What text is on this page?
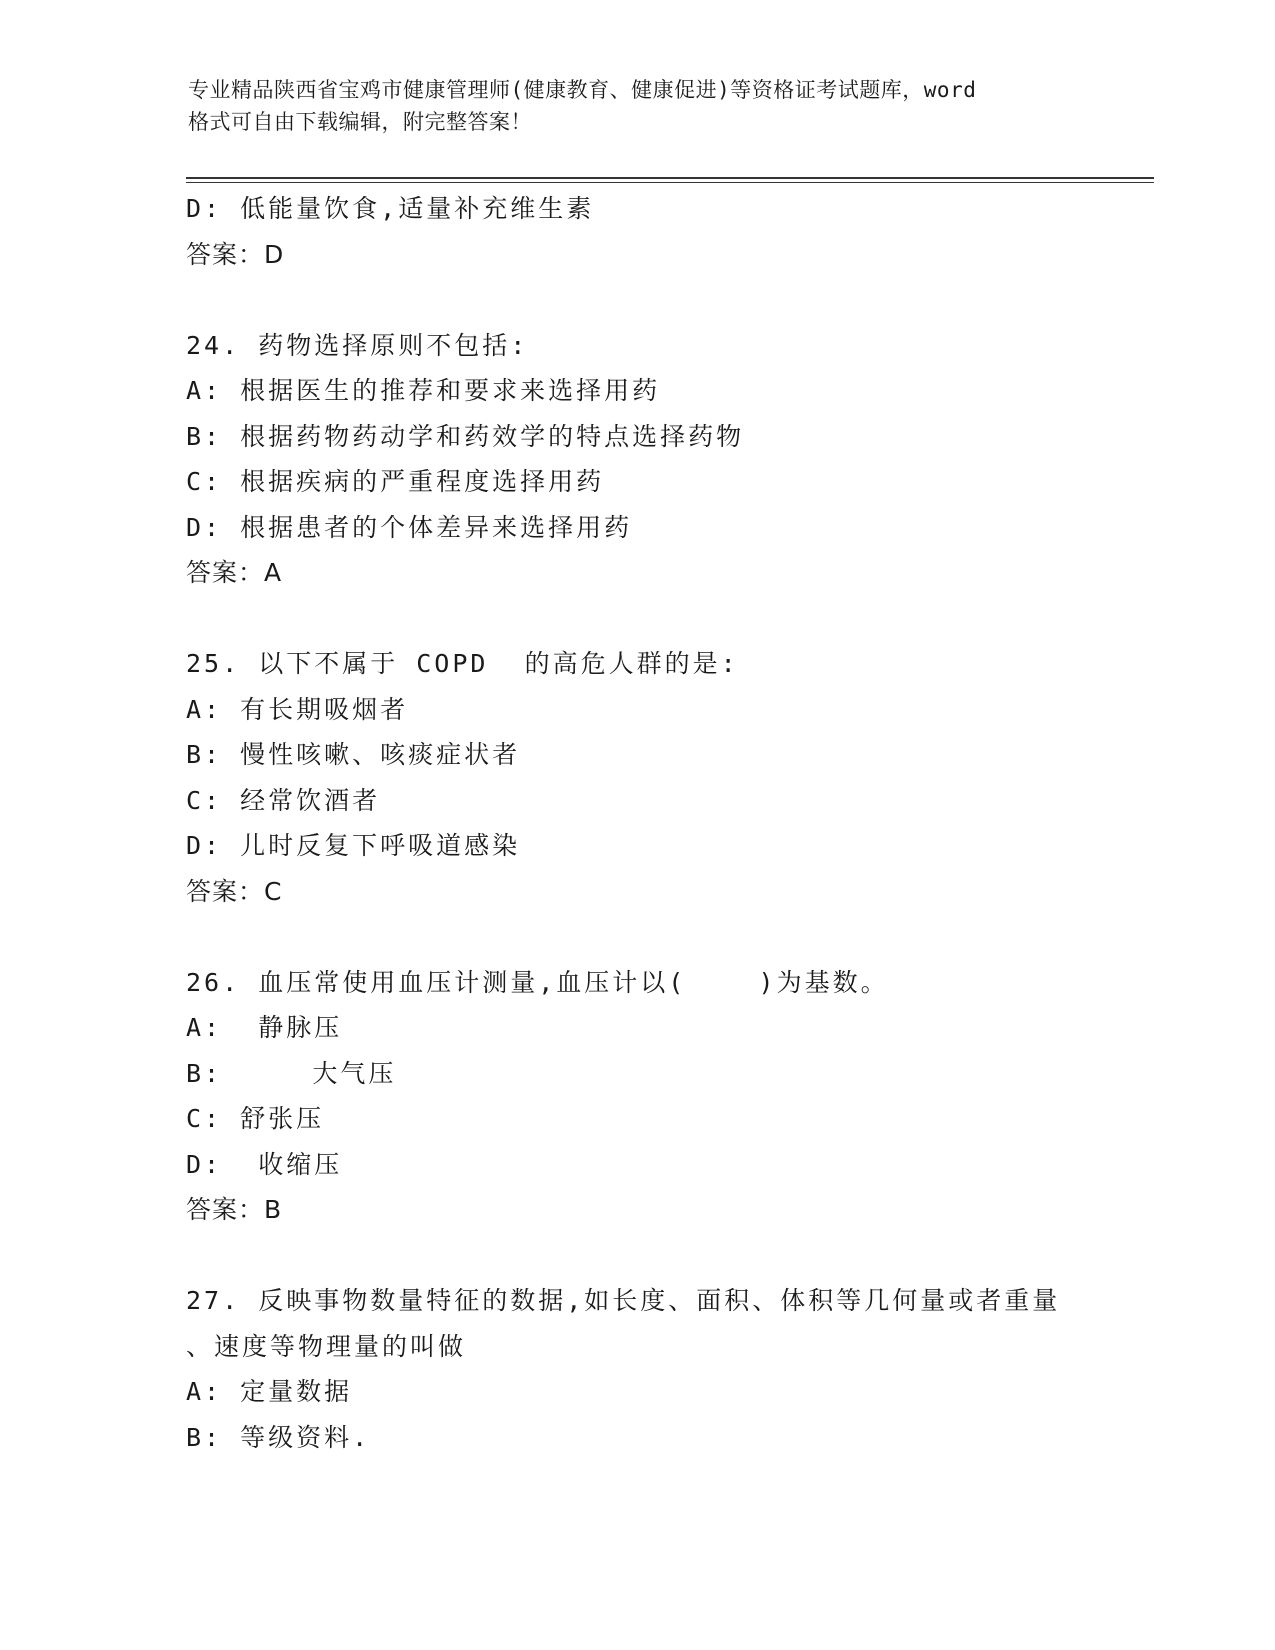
专业精品陕西省宝鸡市健康管理师(健康教育、健康促进)等资格证考试题库，word
格式可自由下载编辑，附完整答案！
D: 低能量饮食,适量补充维生素
答案：D
24. 药物选择原则不包括:
A: 根据医生的推荐和要求来选择用药
B: 根据药物药动学和药效学的特点选择药物
C: 根据疾病的严重程度选择用药
D: 根据患者的个体差异来选择用药
答案：A
25. 以下不属于 COPD  的高危人群的是:
A: 有长期吸烟者
B: 慢性咳嗽、咳痰症状者
C: 经常饮酒者
D: 儿时反复下呼吸道感染
答案：C
26. 血压常使用血压计测量,血压计以(    )为基数。
A:  静脉压
B:     大气压
C: 舒张压
D:  收缩压
答案：B
27. 反映事物数量特征的数据,如长度、面积、体积等几何量或者重量
、速度等物理量的叫做
A: 定量数据
B: 等级资料.
